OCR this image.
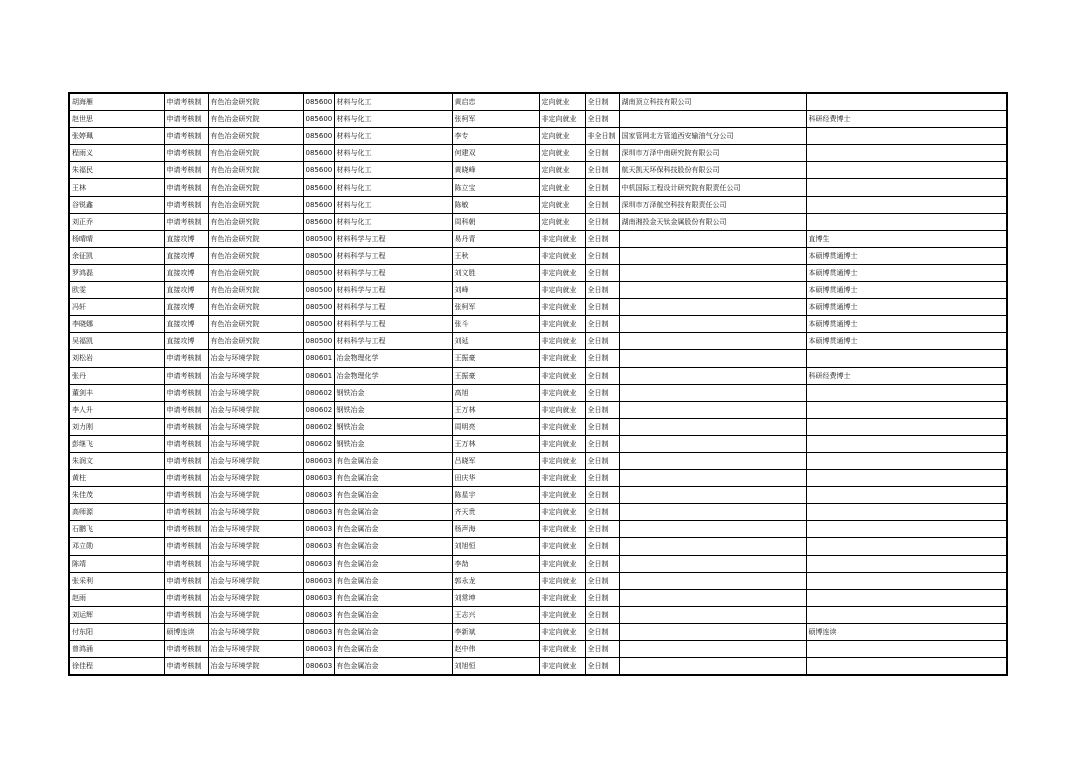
胡海雁	申请考核制	有色冶金研究院	085600	材料与化工	黄启忠	定向就业	全日制	湖南顶立科技有限公司	
赵世思	申请考核制	有色冶金研究院	085600	材料与化工	张柯军	非定向就业	全日制		科研经费博士
张婷珮	申请考核制	有色冶金研究院	085600	材料与化工	李专	定向就业	非全日制	国家管网北方管道西安输油气分公司	
程雨义	申请考核制	有色冶金研究院	085600	材料与化工	何建双	定向就业	全日制	深圳市万泽中南研究院有限公司	
朱福民	申请考核制	有色冶金研究院	085600	材料与化工	黄晓峰	定向就业	全日制	航天凯天环保科技股份有限公司	
王林	申请考核制	有色冶金研究院	085600	材料与化工	陈立宝	定向就业	全日制	中机国际工程设计研究院有限责任公司	
谷锐鑫	申请考核制	有色冶金研究院	085600	材料与化工	陈敏	定向就业	全日制	深圳市万泽航空科技有限责任公司	
刘正乔	申请考核制	有色冶金研究院	085600	材料与化工	周科朝	定向就业	全日制	湖南湘投金天钛金属股份有限公司	
杨晴晴	直接攻博	有色冶金研究院	080500	材料科学与工程	易丹青	非定向就业	全日制		直博生
余征凯	直接攻博	有色冶金研究院	080500	材料科学与工程	王秋	非定向就业	全日制		本硕博贯通博士
罗鸿磊	直接攻博	有色冶金研究院	080500	材料科学与工程	刘文胜	非定向就业	全日制		本硕博贯通博士
欧雯	直接攻博	有色冶金研究院	080500	材料科学与工程	刘峰	非定向就业	全日制		本硕博贯通博士
冯轩	直接攻博	有色冶金研究院	080500	材料科学与工程	张柯军	非定向就业	全日制		本硕博贯通博士
李晓娜	直接攻博	有色冶金研究院	080500	材料科学与工程	张斗	非定向就业	全日制		本硕博贯通博士
吴福凯	直接攻博	有色冶金研究院	080500	材料科学与工程	刘延	非定向就业	全日制		本硕博贯通博士
刘松岩	申请考核制	冶金与环境学院	080601	冶金物理化学	王振豪	非定向就业	全日制		
张丹	申请考核制	冶金与环境学院	080601	冶金物理化学	王振豪	非定向就业	全日制		科研经费博士
董剑丰	申请考核制	冶金与环境学院	080602	钢铁冶金	高旭	非定向就业	全日制		
李人升	申请考核制	冶金与环境学院	080602	钢铁冶金	王万林	非定向就业	全日制		
刘力刚	申请考核制	冶金与环境学院	080602	钢铁冶金	周明亮	非定向就业	全日制		
彭继飞	申请考核制	冶金与环境学院	080602	钢铁冶金	王万林	非定向就业	全日制		
朱润文	申请考核制	冶金与环境学院	080603	有色金属冶金	吕晓军	非定向就业	全日制		
黄柱	申请考核制	冶金与环境学院	080603	有色金属冶金	田庆华	非定向就业	全日制		
朱佳茂	申请考核制	冶金与环境学院	080603	有色金属冶金	陈星宇	非定向就业	全日制		
高师源	申请考核制	冶金与环境学院	080603	有色金属冶金	齐天贵	非定向就业	全日制		
石鹏飞	申请考核制	冶金与环境学院	080603	有色金属冶金	杨声海	非定向就业	全日制		
邓立勋	申请考核制	冶金与环境学院	080603	有色金属冶金	刘旭恒	非定向就业	全日制		
陈靖	申请考核制	冶金与环境学院	080603	有色金属冶金	李劼	非定向就业	全日制		
张采利	申请考核制	冶金与环境学院	080603	有色金属冶金	郭永龙	非定向就业	全日制		
赵雨	申请考核制	冶金与环境学院	080603	有色金属冶金	刘常坤	非定向就业	全日制		
刘运辉	申请考核制	冶金与环境学院	080603	有色金属冶金	王志兴	非定向就业	全日制		
付东阳	硕博连读	冶金与环境学院	080603	有色金属冶金	李新斌	非定向就业	全日制		硕博连读
曾鸿涌	申请考核制	冶金与环境学院	080603	有色金属冶金	赵中伟	非定向就业	全日制		
徐佳程	申请考核制	冶金与环境学院	080603	有色金属冶金	刘旭恒	非定向就业	全日制		
